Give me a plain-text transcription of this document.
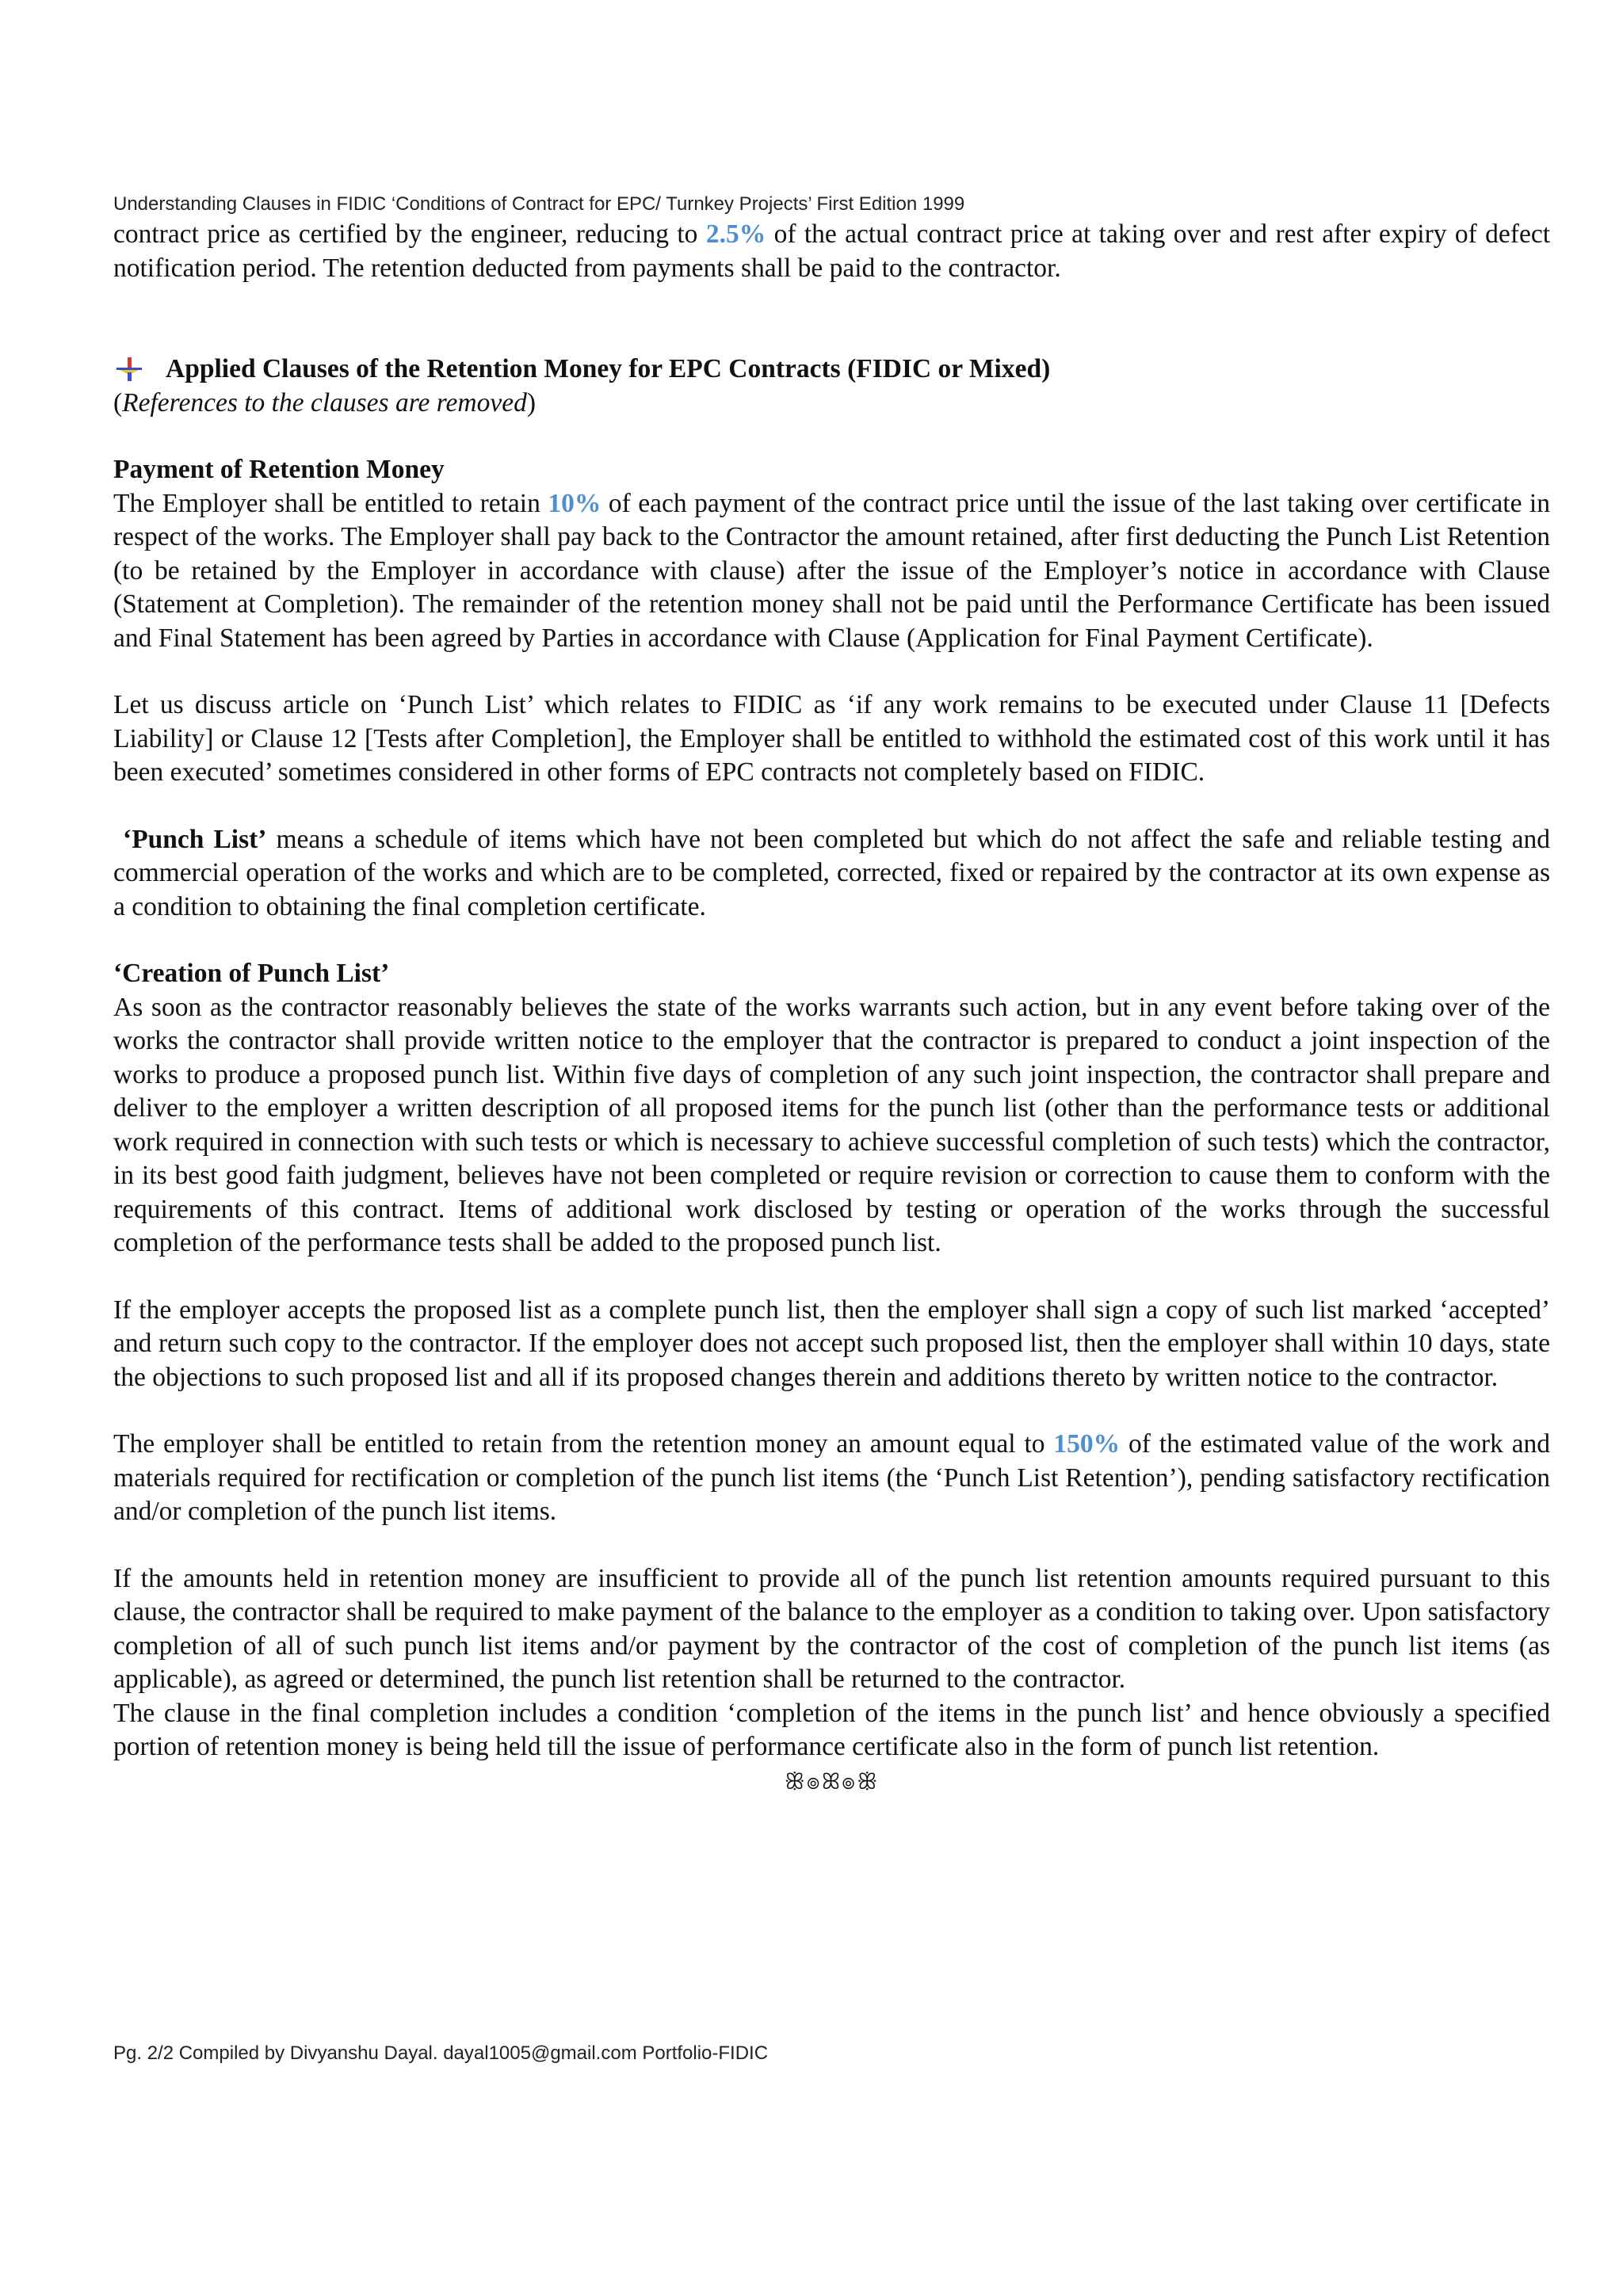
Understanding Clauses in FIDIC ‘Conditions of Contract for EPC/ Turnkey Projects’ First Edition 1999

contract price as certified by the engineer, reducing to 2.5% of the actual contract price at taking over and rest after expiry of defect notification period. The retention deducted from payments shall be paid to the contractor.

Applied Clauses of the Retention Money for EPC Contracts (FIDIC or Mixed)

(References to the clauses are removed)

Payment of Retention Money

The Employer shall be entitled to retain 10% of each payment of the contract price until the issue of the last taking over certificate in respect of the works. The Employer shall pay back to the Contractor the amount retained, after first deducting the Punch List Retention (to be retained by the Employer in accordance with clause) after the issue of the Employer’s notice in accordance with Clause (Statement at Completion). The remainder of the retention money shall not be paid until the Performance Certificate has been issued and Final Statement has been agreed by Parties in accordance with Clause (Application for Final Payment Certificate).

Let us discuss article on ‘Punch List’ which relates to FIDIC as ‘if any work remains to be executed under Clause 11 [Defects Liability] or Clause 12 [Tests after Completion], the Employer shall be entitled to withhold the estimated cost of this work until it has been executed’ sometimes considered in other forms of EPC contracts not completely based on FIDIC.

‘Punch List’ means a schedule of items which have not been completed but which do not affect the safe and reliable testing and commercial operation of the works and which are to be completed, corrected, fixed or repaired by the contractor at its own expense as a condition to obtaining the final completion certificate.

‘Creation of Punch List’

As soon as the contractor reasonably believes the state of the works warrants such action, but in any event before taking over of the works the contractor shall provide written notice to the employer that the contractor is prepared to conduct a joint inspection of the works to produce a proposed punch list. Within five days of completion of any such joint inspection, the contractor shall prepare and deliver to the employer a written description of all proposed items for the punch list (other than the performance tests or additional work required in connection with such tests or which is necessary to achieve successful completion of such tests) which the contractor, in its best good faith judgment, believes have not been completed or require revision or correction to cause them to conform with the requirements of this contract. Items of additional work disclosed by testing or operation of the works through the successful completion of the performance tests shall be added to the proposed punch list.

If the employer accepts the proposed list as a complete punch list, then the employer shall sign a copy of such list marked ‘accepted’ and return such copy to the contractor. If the employer does not accept such proposed list, then the employer shall within 10 days, state the objections to such proposed list and all if its proposed changes therein and additions thereto by written notice to the contractor.

The employer shall be entitled to retain from the retention money an amount equal to 150% of the estimated value of the work and materials required for rectification or completion of the punch list items (the ‘Punch List Retention’), pending satisfactory rectification and/or completion of the punch list items.

If the amounts held in retention money are insufficient to provide all of the punch list retention amounts required pursuant to this clause, the contractor shall be required to make payment of the balance to the employer as a condition to taking over. Upon satisfactory completion of all of such punch list items and/or payment by the contractor of the cost of completion of the punch list items (as applicable), as agreed or determined, the punch list retention shall be returned to the contractor.

The clause in the final completion includes a condition ‘completion of the items in the punch list’ and hence obviously a specified portion of retention money is being held till the issue of performance certificate also in the form of punch list retention.

ꕥ๏ꕤ๏ꕥ
Pg. 2/2 Compiled by Divyanshu Dayal. dayal1005@gmail.com Portfolio-FIDIC
